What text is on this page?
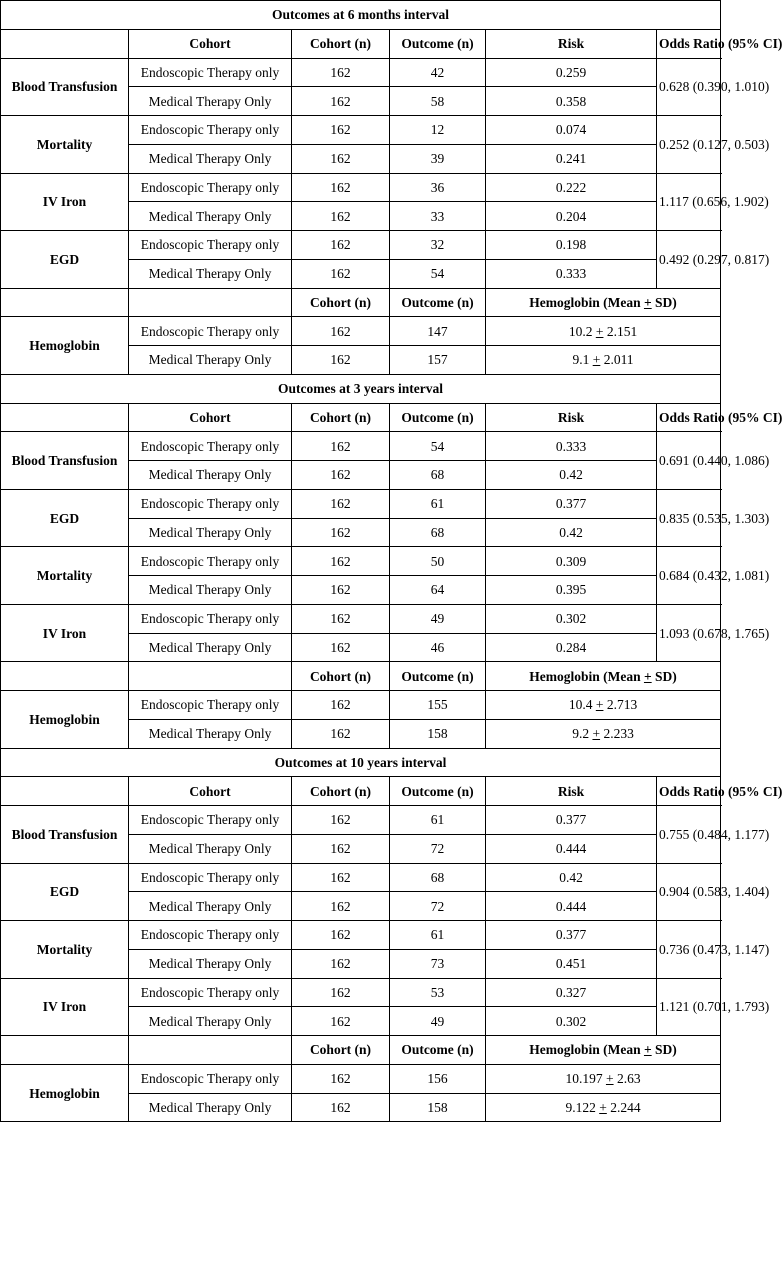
Outcomes at 6 months interval						
	Cohort	Cohort (n)	Outcome (n)	Risk	Odds Ratio (95% CI)	
Blood Transfusion	Endoscopic Therapy only	162	42	0.259	0.628 (0.390, 1.010)	
	Medical Therapy Only	162	58	0.358		
Mortality	Endoscopic Therapy only	162	12	0.074	0.252 (0.127, 0.503)	
	Medical Therapy Only	162	39	0.241		
IV Iron	Endoscopic Therapy only	162	36	0.222	1.117 (0.656, 1.902)	
	Medical Therapy Only	162	33	0.204		
EGD	Endoscopic Therapy only	162	32	0.198	0.492 (0.297, 0.817)	
	Medical Therapy Only	162	54	0.333		
		Cohort (n)	Outcome (n)	Hemoglobin (Mean + SD)	
Hemoglobin	Endoscopic Therapy only	162	147	10.2 + 2.151	
	Medical Therapy Only	162	157	9.1 + 2.011		
Outcomes at 3 years interval						
	Cohort	Cohort (n)	Outcome (n)	Risk	Odds Ratio (95% CI)	
Blood Transfusion	Endoscopic Therapy only	162	54	0.333	0.691 (0.440, 1.086)	
	Medical Therapy Only	162	68	0.42		
EGD	Endoscopic Therapy only	162	61	0.377	0.835 (0.535, 1.303)	
	Medical Therapy Only	162	68	0.42		
Mortality	Endoscopic Therapy only	162	50	0.309	0.684 (0.432, 1.081)	
	Medical Therapy Only	162	64	0.395		
IV Iron	Endoscopic Therapy only	162	49	0.302	1.093 (0.678, 1.765)	
	Medical Therapy Only	162	46	0.284		
		Cohort (n)	Outcome (n)	Hemoglobin (Mean + SD)	
Hemoglobin	Endoscopic Therapy only	162	155	10.4 + 2.713	
	Medical Therapy Only	162	158	9.2 + 2.233		
Outcomes at 10 years interval						
	Cohort	Cohort (n)	Outcome (n)	Risk	Odds Ratio (95% CI)	
Blood Transfusion	Endoscopic Therapy only	162	61	0.377	0.755 (0.484, 1.177)	
	Medical Therapy Only	162	72	0.444		
EGD	Endoscopic Therapy only	162	68	0.42	0.904 (0.583, 1.404)	
	Medical Therapy Only	162	72	0.444		
Mortality	Endoscopic Therapy only	162	61	0.377	0.736 (0.473, 1.147)	
	Medical Therapy Only	162	73	0.451		
IV Iron	Endoscopic Therapy only	162	53	0.327	1.121 (0.701, 1.793)	
	Medical Therapy Only	162	49	0.302		
		Cohort (n)	Outcome (n)	Hemoglobin (Mean + SD)	
Hemoglobin	Endoscopic Therapy only	162	156	10.197 + 2.63	
	Medical Therapy Only	162	158	9.122 + 2.244		
